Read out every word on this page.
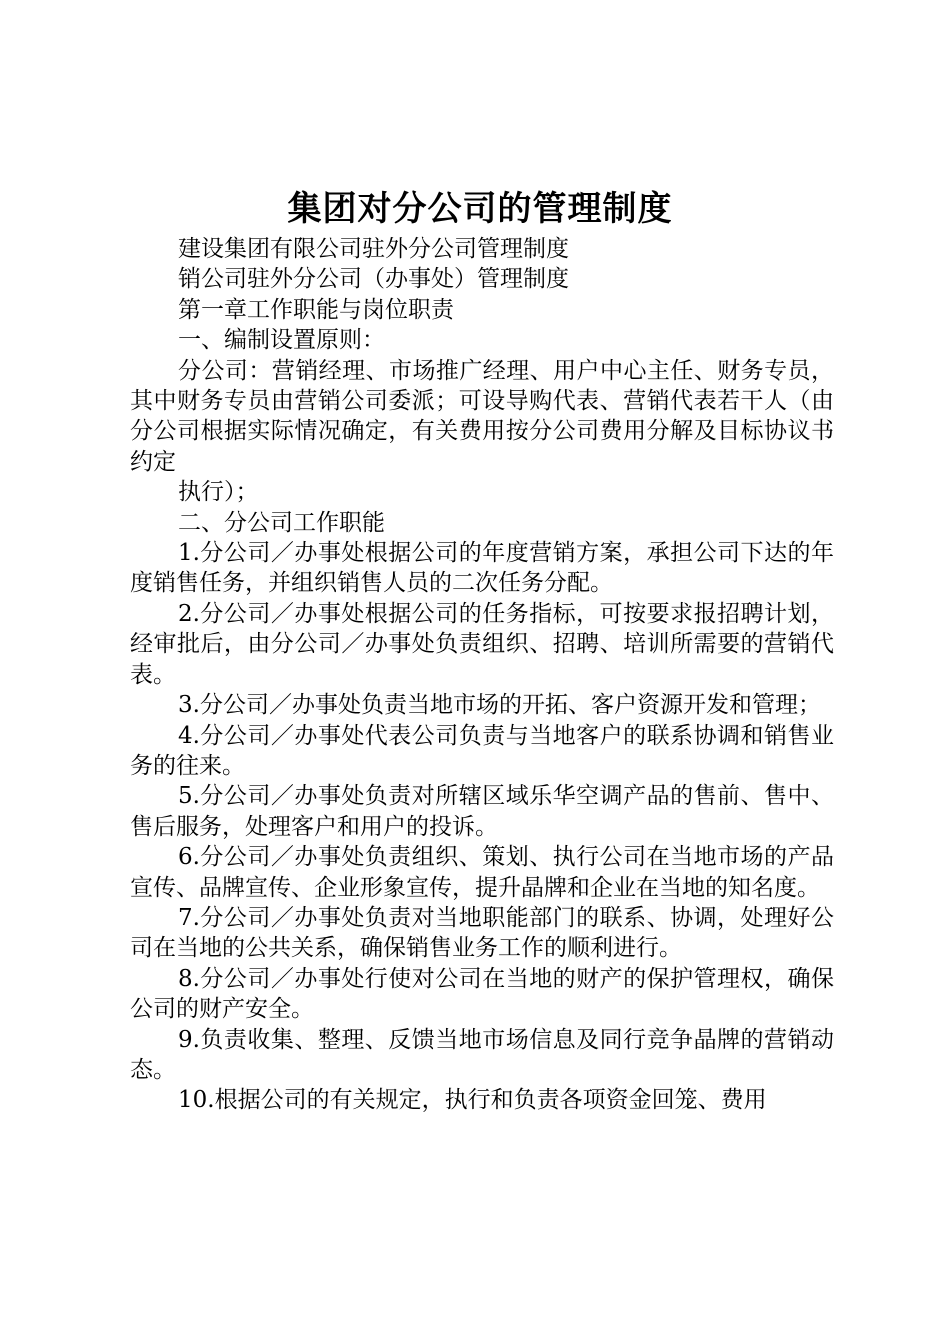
集团对分公司的管理制度

建设集团有限公司驻外分公司管理制度

销公司驻外分公司（办事处）管理制度

第一章工作职能与岗位职责

一、编制设置原则：

分公司：营销经理、市场推广经理、用户中心主任、财务专员，其中财务专员由营销公司委派；可设导购代表、营销代表若干人（由分公司根据实际情况确定，有关费用按分公司费用分解及目标协议书约定

执行）；

二、分公司工作职能

1.分公司／办事处根据公司的年度营销方案，承担公司下达的年度销售任务，并组织销售人员的二次任务分配。

2.分公司／办事处根据公司的任务指标，可按要求报招聘计划，经审批后，由分公司／办事处负责组织、招聘、培训所需要的营销代表。

3.分公司／办事处负责当地市场的开拓、客户资源开发和管理；

4.分公司／办事处代表公司负责与当地客户的联系协调和销售业务的往来。

5.分公司／办事处负责对所辖区域乐华空调产品的售前、售中、售后服务，处理客户和用户的投诉。

6.分公司／办事处负责组织、策划、执行公司在当地市场的产品宣传、品牌宣传、企业形象宣传，提升晶牌和企业在当地的知名度。

7.分公司／办事处负责对当地职能部门的联系、协调，处理好公司在当地的公共关系，确保销售业务工作的顺利进行。

8.分公司／办事处行使对公司在当地的财产的保护管理权，确保公司的财产安全。

9.负责收集、整理、反馈当地市场信息及同行竞争晶牌的营销动态。

10.根据公司的有关规定，执行和负责各项资金回笼、费用
